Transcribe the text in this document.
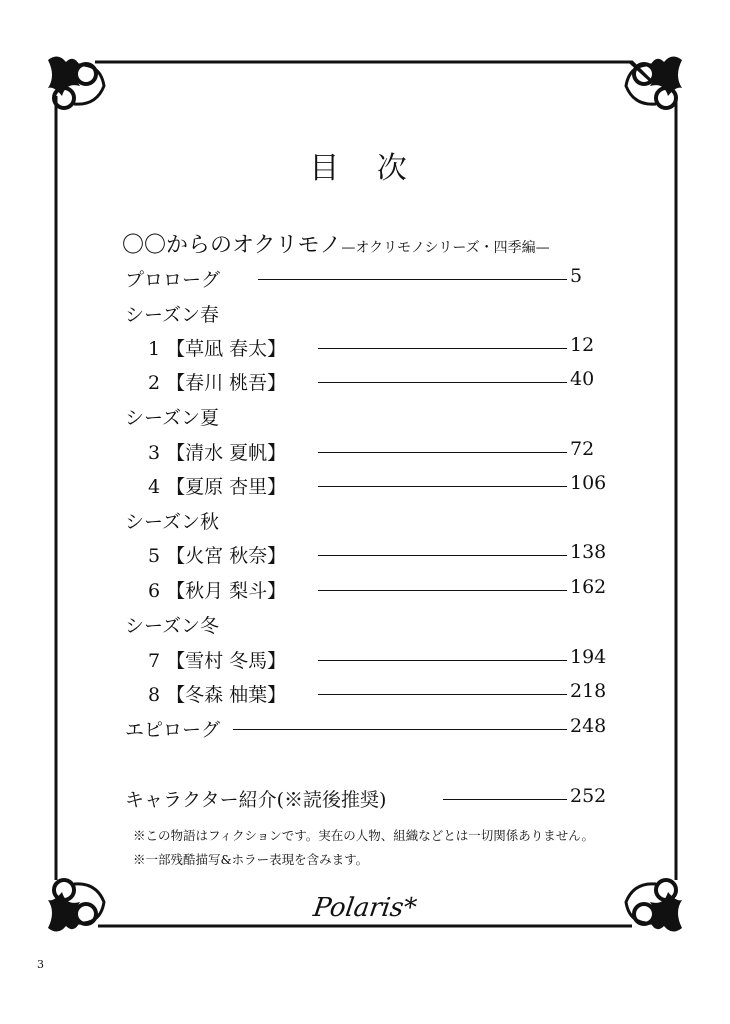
目 次
〇〇からのオクリモノ—オクリモノシリーズ・四季編—
プロローグ	5
シーズン春
1 【草凪 春太】	12
2 【春川 桃吾】	40
シーズン夏
3 【清水 夏帆】	72
4 【夏原 杏里】	106
シーズン秋
5 【火宮 秋奈】	138
6 【秋月 梨斗】	162
シーズン冬
7 【雪村 冬馬】	194
8 【冬森 柚葉】	218
エピローグ	248
キャラクター紹介(※読後推奨)	252
※この物語はフィクションです。実在の人物、組織などとは一切関係ありません。
※一部残酷描写&ホラー表現を含みます。
Polaris*
3
